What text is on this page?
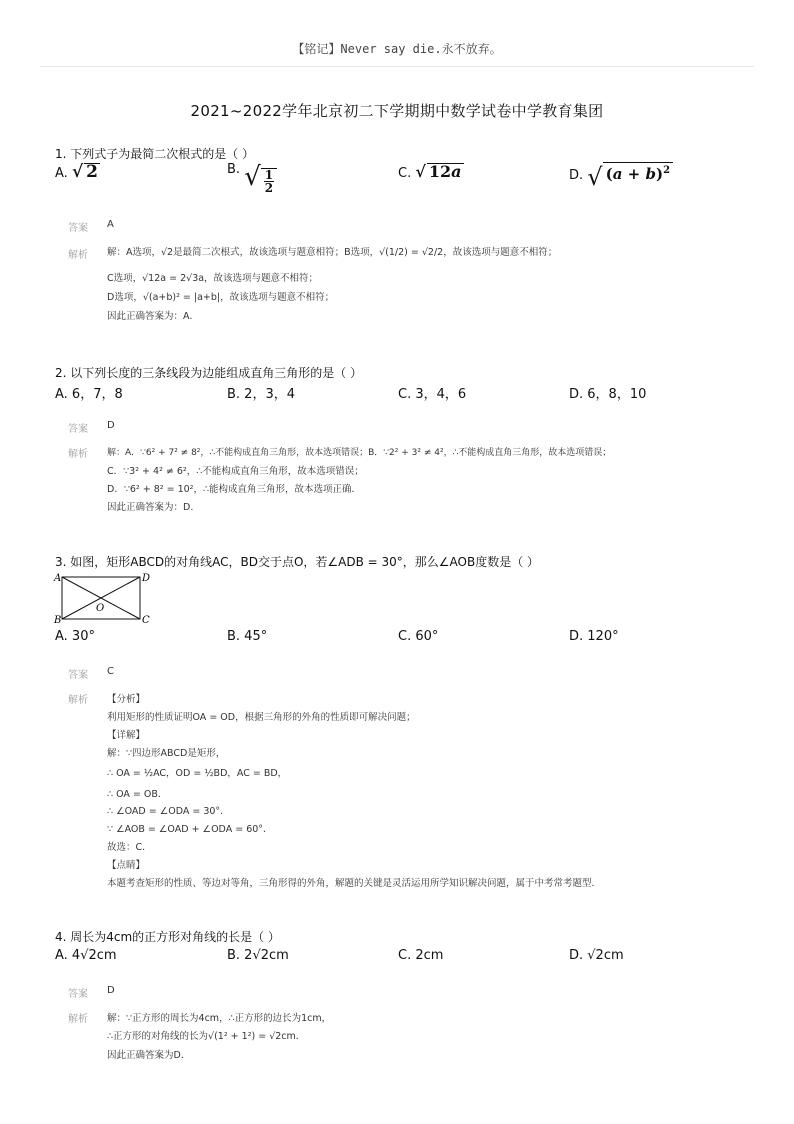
【铭记】Never say die.永不放弃。
2021~2022学年北京初二下学期期中数学试卷中学教育集团
1. 下列式子为最简二次根式的是（ ）
A. √ 2	B. √ $\frac{1}{2}$	C. √ 12a	D. √ $(a + b)^2$
答案 A
解析 解：A选项，√2是最简二次根式，故该选项与题意相符；B选项，√(1/2) = √2/2，故该选项与题意不相符；
C选项，√12a = 2√3a，故该选项与题意不相符；
D选项，√(a+b)² = |a+b|，故该选项与题意不相符；
因此正确答案为：A.
2. 以下列长度的三条线段为边能组成直角三角形的是（ ）
A. 6，7，8	B. 2，3，4	C. 3，4，6	D. 6，8，10
答案 D
解析 解：A．∵6² + 7² ≠ 8²，∴不能构成直角三角形，故本选项错误；B．∵2² + 3² ≠ 4²，∴不能构成直角三角形，故本选项错误；
C．∵3² + 4² ≠ 6²，∴不能构成直角三角形，故本选项错误；
D．∵6² + 8² = 10²，∴能构成直角三角形，故本选项正确．
因此正确答案为：D.
3. 如图，矩形ABCD的对角线AC，BD交于点O，若∠ADB = 30°，那么∠AOB度数是（ ）
A	D
B	C
O
A. 30°	B. 45°	C. 60°	D. 120°
答案 C
解析 【分析】
利用矩形的性质证明OA = OD，根据三角形的外角的性质即可解决问题；
【详解】
解：∵四边形ABCD是矩形，
∴ OA = ½AC，OD = ½BD，AC = BD，
∴ OA = OB．
∴ ∠OAD = ∠ODA = 30°．
∵ ∠AOB = ∠OAD + ∠ODA = 60°．
故选：C．
【点睛】
本题考查矩形的性质、等边对等角，三角形得的外角，解题的关键是灵活运用所学知识解决问题，属于中考常考题型．
4. 周长为4cm的正方形对角线的长是（ ）
A. 4√2cm	B. 2√2cm	C. 2cm	D. √2cm
答案 D
解析 解：∵正方形的周长为4cm，∴正方形的边长为1cm，
∴正方形的对角线的长为√(1² + 1²) = √2cm．
因此正确答案为D．
